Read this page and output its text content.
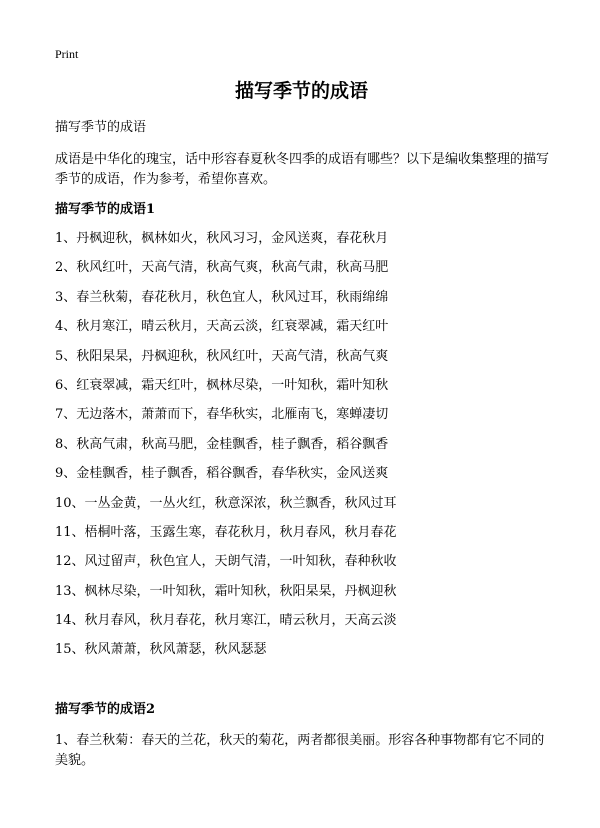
Print
描写季节的成语

描写季节的成语

成语是中华化的瑰宝，话中形容春夏秋冬四季的成语有哪些？以下是编收集整理的描写季节的成语，作为参考，希望你喜欢。

描写季节的成语1
1、丹枫迎秋，枫林如火，秋风习习，金风送爽，春花秋月
2、秋风红叶，天高气清，秋高气爽，秋高气肃，秋高马肥
3、春兰秋菊，春花秋月，秋色宜人，秋风过耳，秋雨绵绵
4、秋月寒江，晴云秋月，天高云淡，红衰翠减，霜天红叶
5、秋阳杲杲，丹枫迎秋，秋风红叶，天高气清，秋高气爽
6、红衰翠减，霜天红叶，枫林尽染，一叶知秋，霜叶知秋
7、无边落木，萧萧而下，春华秋实，北雁南飞，寒蝉凄切
8、秋高气肃，秋高马肥，金桂飘香，桂子飘香，稻谷飘香
9、金桂飘香，桂子飘香，稻谷飘香，春华秋实，金风送爽
10、一丛金黄，一丛火红，秋意深浓，秋兰飘香，秋风过耳
11、梧桐叶落，玉露生寒，春花秋月，秋月春风，秋月春花
12、风过留声，秋色宜人，天朗气清，一叶知秋，春种秋收
13、枫林尽染，一叶知秋，霜叶知秋，秋阳杲杲，丹枫迎秋
14、秋月春风，秋月春花，秋月寒江，晴云秋月，天高云淡
15、秋风萧萧，秋风萧瑟，秋风瑟瑟
描写季节的成语2

1、春兰秋菊：春天的兰花，秋天的菊花，两者都很美丽。形容各种事物都有它不同的美貌。
